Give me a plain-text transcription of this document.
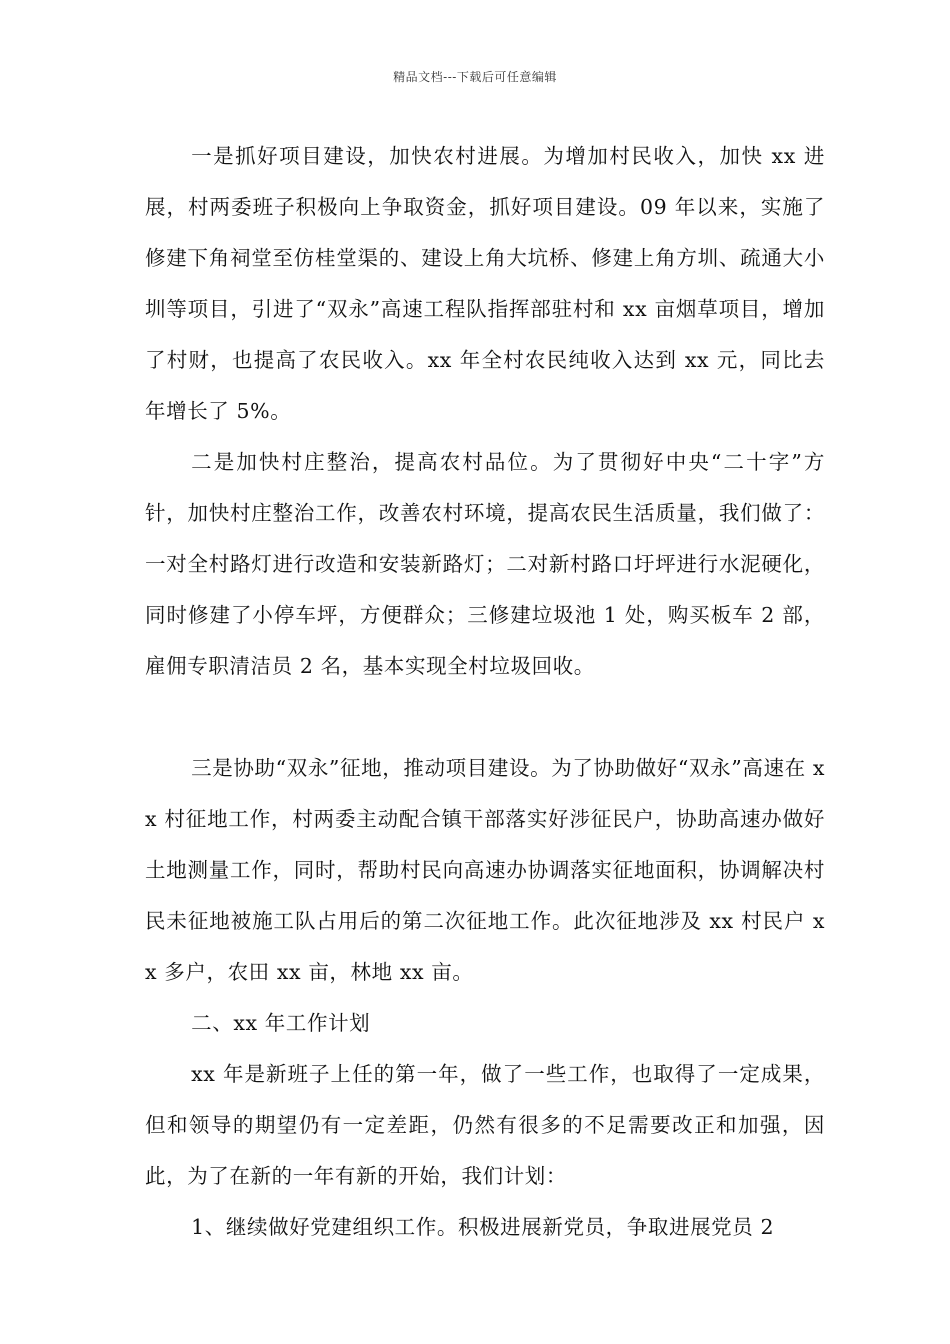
精品文档---下载后可任意编辑

一是抓好项目建设，加快农村进展。为增加村民收入，加快 xx 进展，村两委班子积极向上争取资金，抓好项目建设。09 年以来，实施了修建下角祠堂至仿桂堂渠的、建设上角大坑桥、修建上角方圳、疏通大小圳等项目，引进了“双永”高速工程队指挥部驻村和 xx 亩烟草项目，增加了村财，也提高了农民收入。xx 年全村农民纯收入达到 xx 元，同比去年增长了 5%。

二是加快村庄整治，提高农村品位。为了贯彻好中央“二十字”方针，加快村庄整治工作，改善农村环境，提高农民生活质量，我们做了：一对全村路灯进行改造和安装新路灯；二对新村路口圩坪进行水泥硬化，同时修建了小停车坪，方便群众；三修建垃圾池 1 处，购买板车 2 部，雇佣专职清洁员 2 名，基本实现全村垃圾回收。

三是协助“双永”征地，推动项目建设。为了协助做好“双永”高速在 xx 村征地工作，村两委主动配合镇干部落实好涉征民户，协助高速办做好土地测量工作，同时，帮助村民向高速办协调落实征地面积，协调解决村民未征地被施工队占用后的第二次征地工作。此次征地涉及 xx 村民户 xx 多户，农田 xx 亩，林地 xx 亩。

二、xx 年工作计划

xx 年是新班子上任的第一年，做了一些工作，也取得了一定成果，但和领导的期望仍有一定差距，仍然有很多的不足需要改正和加强，因此，为了在新的一年有新的开始，我们计划：

1、继续做好党建组织工作。积极进展新党员，争取进展党员 2
